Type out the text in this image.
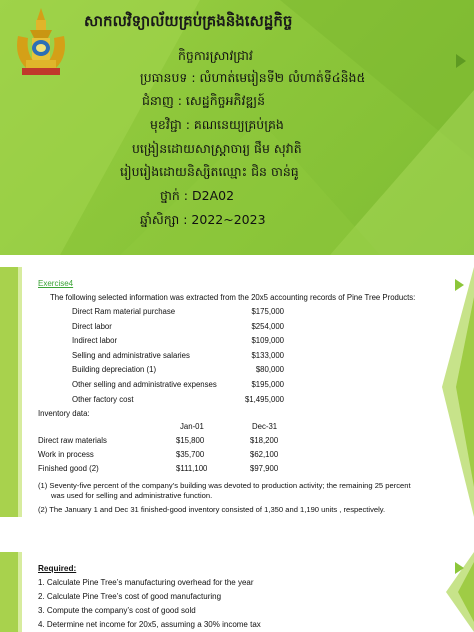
សាកលវិទ្យាល័យគ្រប់គ្រងនិងសេដ្ឋកិច្ច
កិច្ចការស្រាវជ្រាវ
ប្រធានបទ : លំហាត់មេរៀនទី២ លំហាត់ទី៤និង៥
ជំនាញ : សេដ្ឋកិច្ចអភិវឌ្ឍន៍
មុខវិជ្ជា : គណនេយ្យគ្រប់គ្រង
បង្រៀនដោយសាស្ត្រាចារ្យ ផឹម សុវាតិ
រៀបរៀងដោយនិស្សិតឈ្មោះ ជិន ចាន់ធូ
ថ្នាក់ : D2A02
ឆ្នាំសិក្សា : 2022~2023
Exercise4
The following selected information was extracted from the 20x5 accounting records of Pine Tree Products:
Direct Ram material purchase	$175,000
Direct labor	$254,000
Indirect labor	$109,000
Selling and administrative salaries	$133,000
Building depreciation (1)	$80,000
Other selling and administrative expenses	$195,000
Other factory cost	$1,495,000
Inventory data:
Jan-01	Dec-31
Direct raw materials	$15,800	$18,200
Work in process	$35,700	$62,100
Finished good (2)	$111,100	$97,900
(1) Seventy-five percent of the company’s building was devoted to production activity; the remaining 25 percent
was used for selling and administrative function.
(2) The January 1 and Dec 31 finished-good inventory consisted of 1,350 and 1,190 units , respectively.
Required:
1. Calculate Pine Tree’s manufacturing overhead for the year
2. Calculate Pine Tree’s cost of good manufacturing
3. Compute the company’s cost of good sold
4. Determine net income for 20x5, assuming a 30% income tax
